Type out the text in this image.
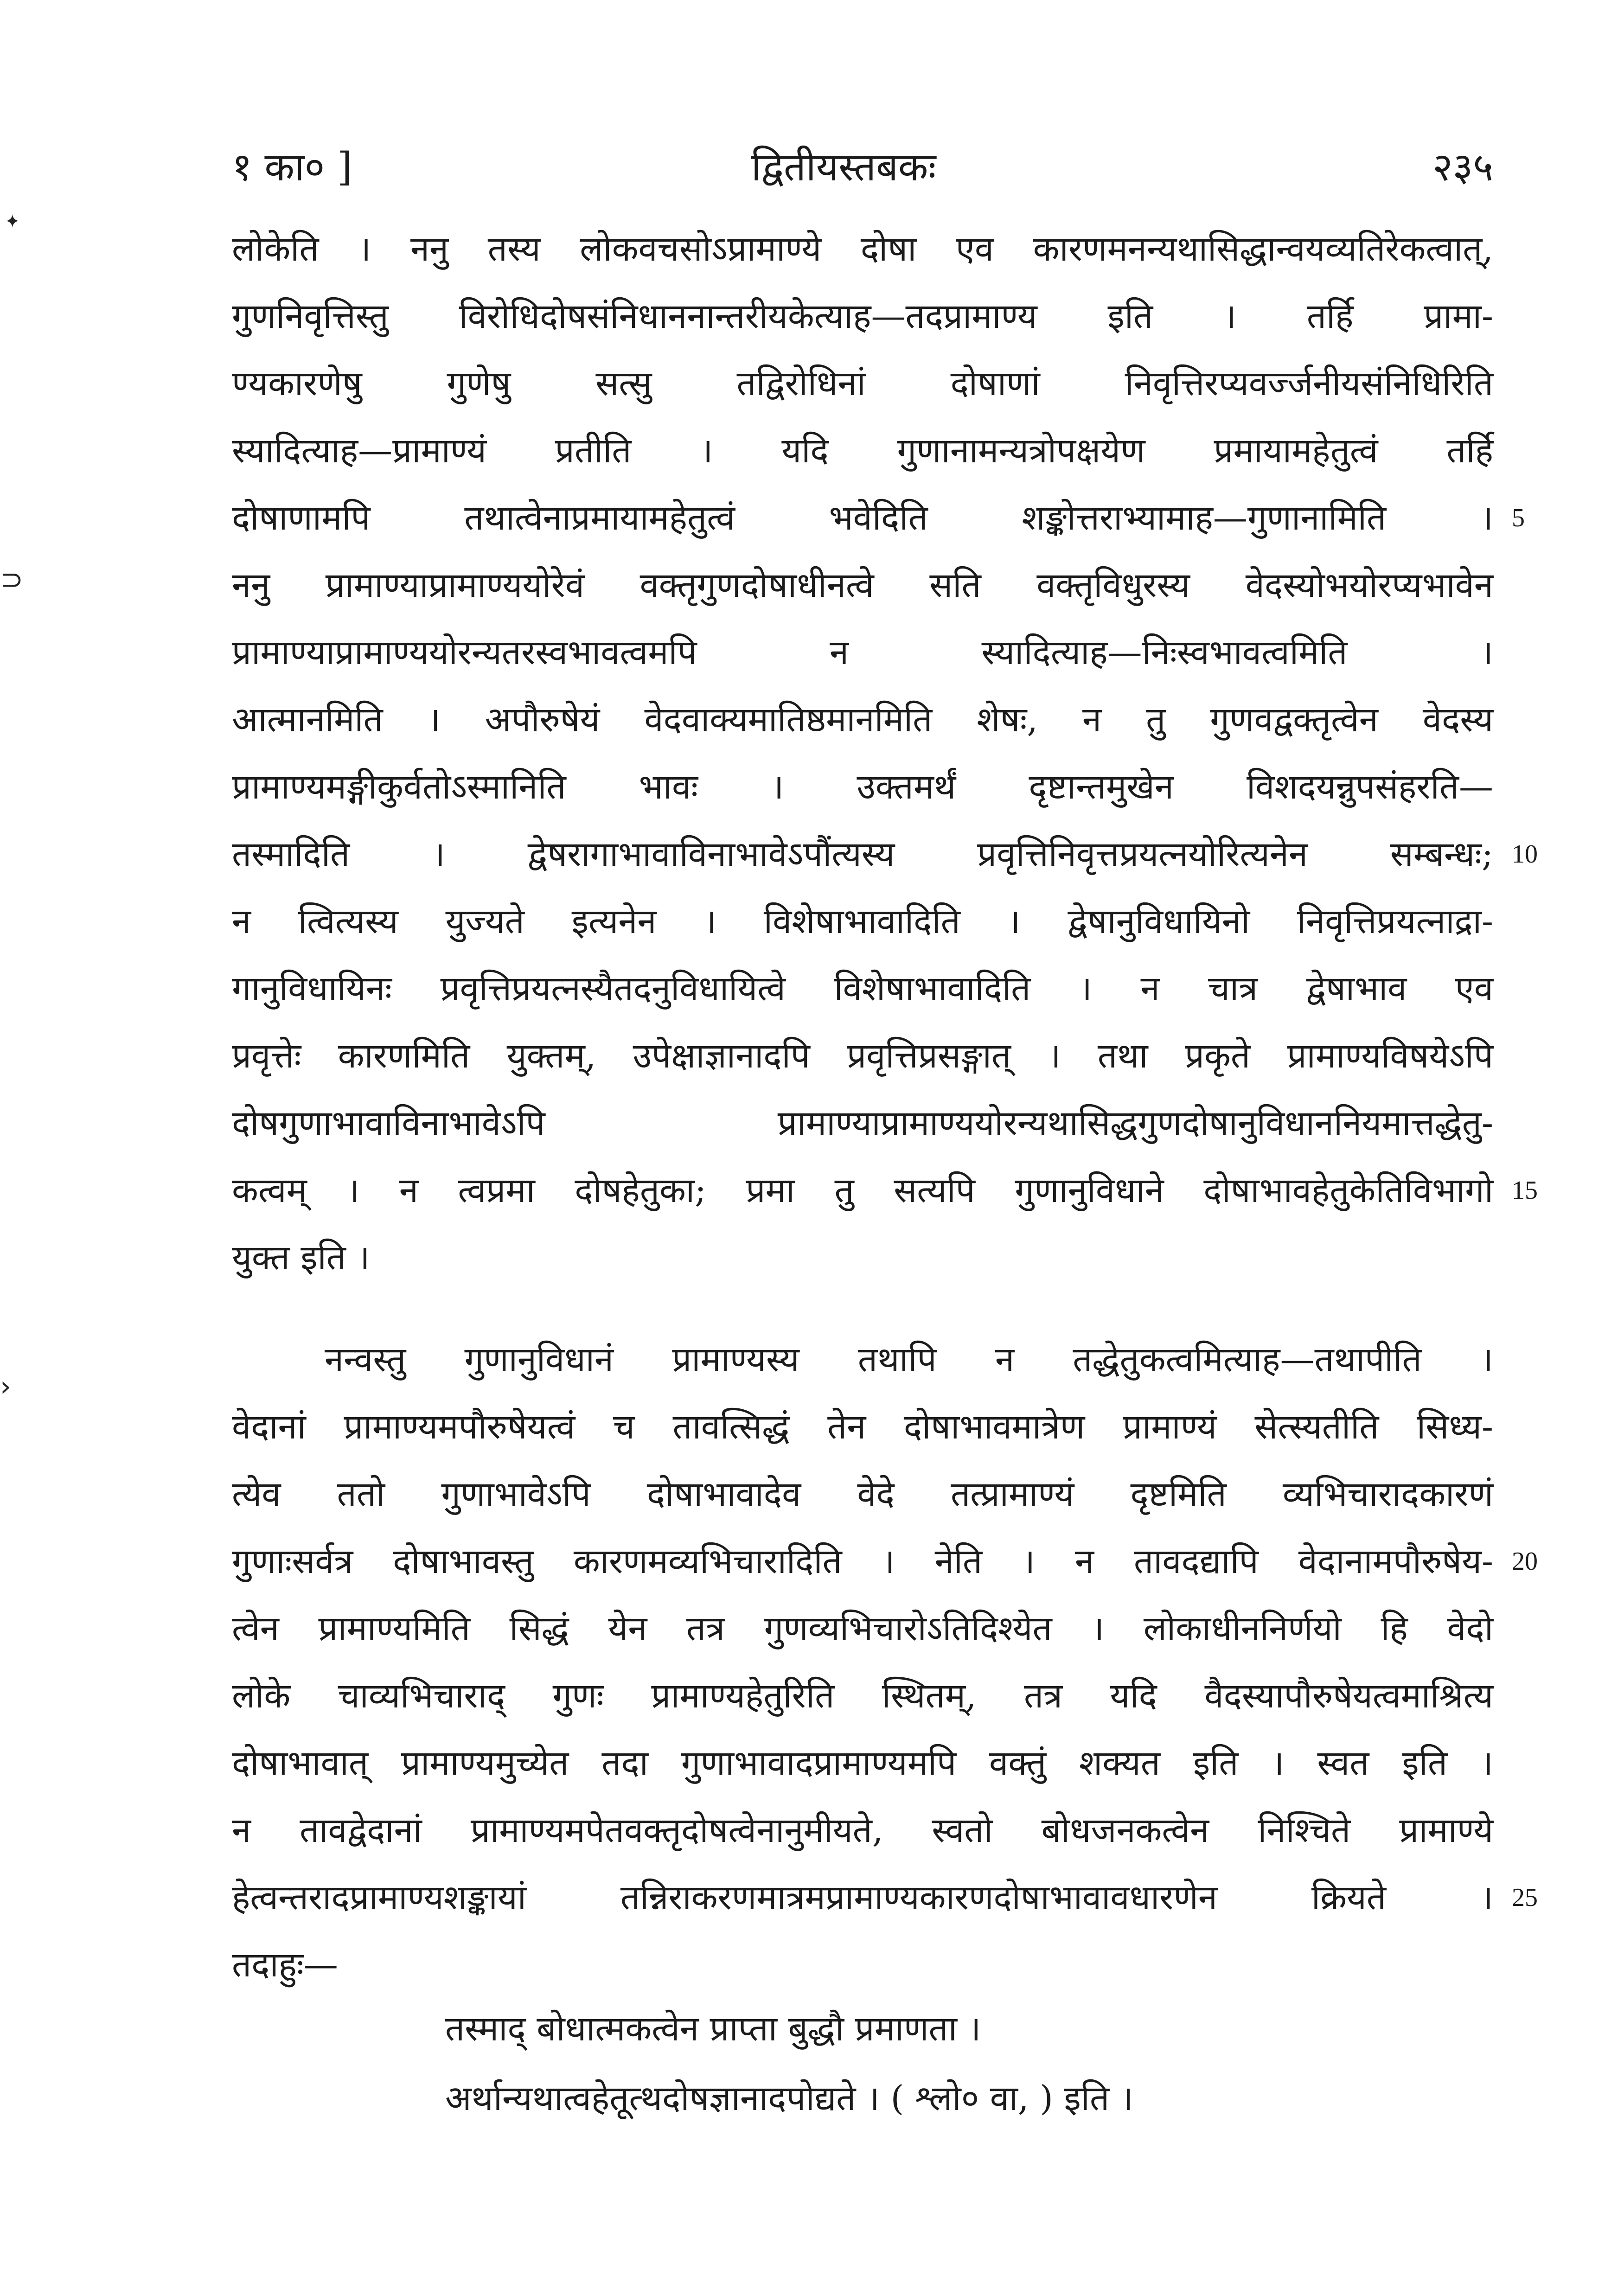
✦
⊃
›
१ का० ]	द्वितीयस्तबकः	२३५
लोकेति । ननु तस्य लोकवचसोऽप्रामाण्ये दोषा एव कारणमनन्यथासिद्धान्वयव्यतिरेकत्वात्,
गुणनिवृत्तिस्तु विरोधिदोषसंनिधाननान्तरीयकेत्याह—तदप्रामाण्य इति । तर्हि प्रामा-
ण्यकारणेषु गुणेषु सत्सु तद्विरोधिनां दोषाणां निवृत्तिरप्यवर्ज्जनीयसंनिधिरिति
स्यादित्याह—प्रामाण्यं प्रतीति । यदि गुणानामन्यत्रोपक्षयेण प्रमायामहेतुत्वं तर्हि
दोषाणामपि तथात्वेनाप्रमायामहेतुत्वं भवेदिति शङ्कोत्तराभ्यामाह—गुणानामिति । 5
ननु प्रामाण्याप्रामाण्ययोरेवं वक्तृगुणदोषाधीनत्वे सति वक्तृविधुरस्य वेदस्योभयोरप्यभावेन
प्रामाण्याप्रामाण्ययोरन्यतरस्वभावत्वमपि न स्यादित्याह—निःस्वभावत्वमिति ।
आत्मानमिति । अपौरुषेयं वेदवाक्यमातिष्ठमानमिति शेषः, न तु गुणवद्वक्तृत्वेन वेदस्य
प्रामाण्यमङ्गीकुर्वतोऽस्मानिति भावः । उक्तमर्थं दृष्टान्तमुखेन विशदयन्नुपसंहरति—
तस्मादिति । द्वेषरागाभावाविनाभावेऽपौंत्यस्य प्रवृत्तिनिवृत्तप्रयत्नयोरित्यनेन सम्बन्धः; 10
न त्वित्यस्य युज्यते इत्यनेन । विशेषाभावादिति । द्वेषानुविधायिनो निवृत्तिप्रयत्नाद्रा-
गानुविधायिनः प्रवृत्तिप्रयत्नस्यैतदनुविधायित्वे विशेषाभावादिति । न चात्र द्वेषाभाव एव
प्रवृत्तेः कारणमिति युक्तम्, उपेक्षाज्ञानादपि प्रवृत्तिप्रसङ्गात् । तथा प्रकृते प्रामाण्यविषयेऽपि
दोषगुणाभावाविनाभावेऽपि प्रामाण्याप्रामाण्ययोरन्यथासिद्धगुणदोषानुविधाननियमात्तद्धेतु-
कत्वम् । न त्वप्रमा दोषहेतुका; प्रमा तु सत्यपि गुणानुविधाने दोषाभावहेतुकेतिविभागो 15
युक्त इति ।
नन्वस्तु गुणानुविधानं प्रामाण्यस्य तथापि न तद्धेतुकत्वमित्याह—तथापीति ।
वेदानां प्रामाण्यमपौरुषेयत्वं च तावत्सिद्धं तेन दोषाभावमात्रेण प्रामाण्यं सेत्स्यतीति सिध्य-
त्येव ततो गुणाभावेऽपि दोषाभावादेव वेदे तत्प्रामाण्यं दृष्टमिति व्यभिचारादकारणं
गुणाःसर्वत्र दोषाभावस्तु कारणमव्यभिचारादिति । नेति । न तावदद्यापि वेदानामपौरुषेय- 20
त्वेन प्रामाण्यमिति सिद्धं येन तत्र गुणव्यभिचारोऽतिदिश्येत । लोकाधीननिर्णयो हि वेदो
लोके चाव्यभिचाराद् गुणः प्रामाण्यहेतुरिति स्थितम्, तत्र यदि वैदस्यापौरुषेयत्वमाश्रित्य
दोषाभावात् प्रामाण्यमुच्येत तदा गुणाभावादप्रामाण्यमपि वक्तुं शक्यत इति । स्वत इति ।
न तावद्वेदानां प्रामाण्यमपेतवक्तृदोषत्वेनानुमीयते, स्वतो बोधजनकत्वेन निश्चिते प्रामाण्ये
हेत्वन्तरादप्रामाण्यशङ्कायां तन्निराकरणमात्रमप्रामाण्यकारणदोषाभावावधारणेन क्रियते । 25
तदाहुः—
तस्माद् बोधात्मकत्वेन प्राप्ता बुद्धौ प्रमाणता ।
अर्थान्यथात्वहेतूत्थदोषज्ञानादपोद्यते । ( श्लो० वा, ) इति ।
